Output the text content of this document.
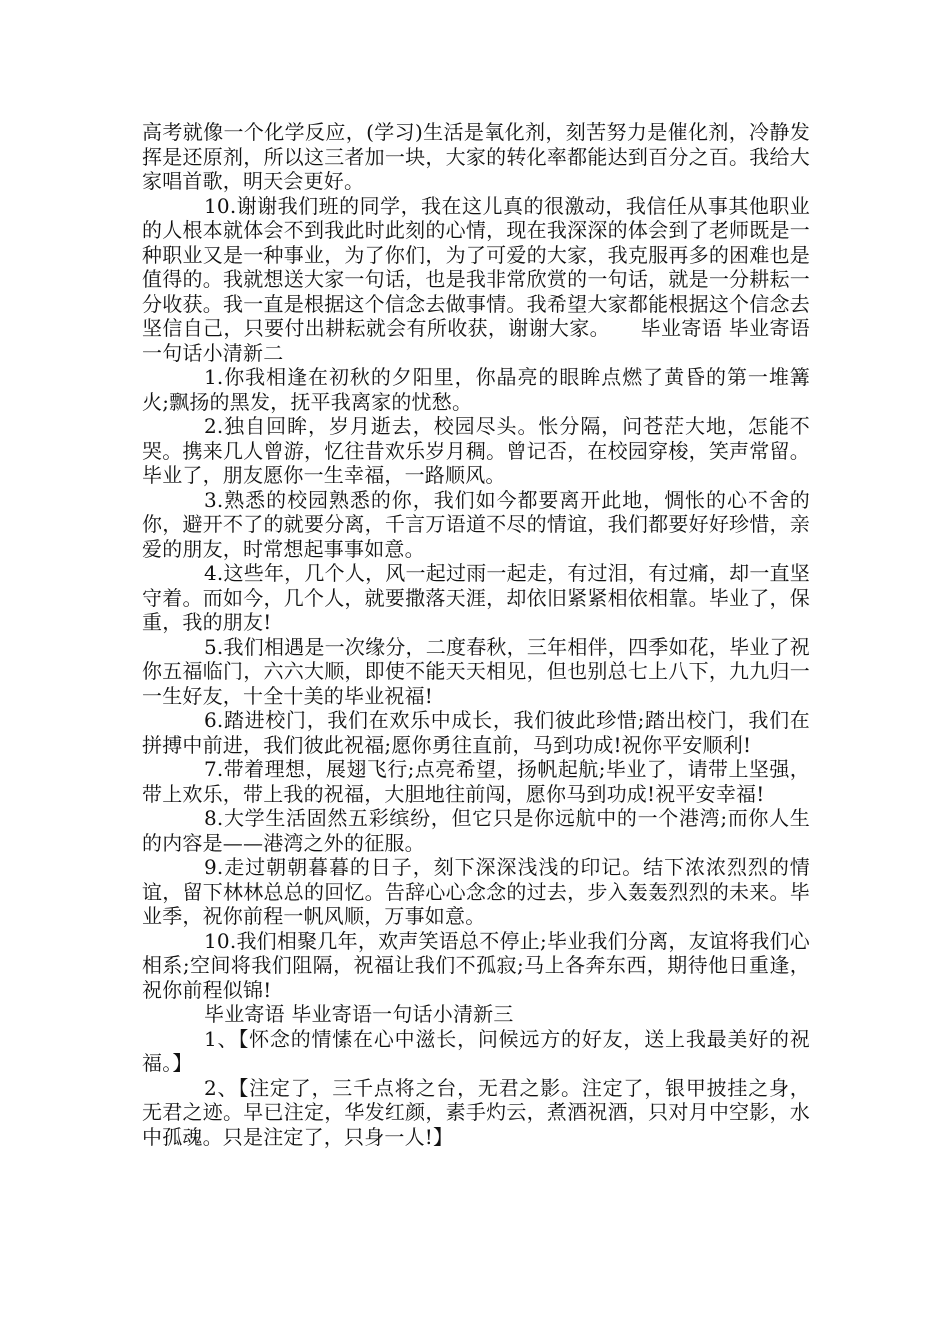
高考就像一个化学反应，(学习)生活是氧化剂，刻苦努力是催化剂，冷静发挥是还原剂，所以这三者加一块，大家的转化率都能达到百分之百。我给大家唱首歌，明天会更好。

10.谢谢我们班的同学，我在这儿真的很激动，我信任从事其他职业的人根本就体会不到我此时此刻的心情，现在我深深的体会到了老师既是一种职业又是一种事业，为了你们，为了可爱的大家，我克服再多的困难也是值得的。我就想送大家一句话，也是我非常欣赏的一句话，就是一分耕耘一分收获。我一直是根据这个信念去做事情。我希望大家都能根据这个信念去坚信自己，只要付出耕耘就会有所收获，谢谢大家。　　毕业寄语 毕业寄语一句话小清新二

1.你我相逢在初秋的夕阳里，你晶亮的眼眸点燃了黄昏的第一堆篝火;飘扬的黑发，抚平我离家的忧愁。

2.独自回眸，岁月逝去，校园尽头。怅分隔，问苍茫大地，怎能不哭。携来几人曾游，忆往昔欢乐岁月稠。曾记否，在校园穿梭，笑声常留。毕业了，朋友愿你一生幸福，一路顺风。

3.熟悉的校园熟悉的你，我们如今都要离开此地，惆怅的心不舍的你，避开不了的就要分离，千言万语道不尽的情谊，我们都要好好珍惜，亲爱的朋友，时常想起事事如意。

4.这些年，几个人，风一起过雨一起走，有过泪，有过痛，却一直坚守着。而如今，几个人，就要撒落天涯，却依旧紧紧相依相靠。毕业了，保重，我的朋友!

5.我们相遇是一次缘分，二度春秋，三年相伴，四季如花，毕业了祝你五福临门，六六大顺，即使不能天天相见，但也别总七上八下，九九归一一生好友，十全十美的毕业祝福!

6.踏进校门，我们在欢乐中成长，我们彼此珍惜;踏出校门，我们在拼搏中前进，我们彼此祝福;愿你勇往直前，马到功成!祝你平安顺利!

7.带着理想，展翅飞行;点亮希望，扬帆起航;毕业了，请带上坚强，带上欢乐，带上我的祝福，大胆地往前闯，愿你马到功成!祝平安幸福!

8.大学生活固然五彩缤纷，但它只是你远航中的一个港湾;而你人生的内容是——港湾之外的征服。

9.走过朝朝暮暮的日子，刻下深深浅浅的印记。结下浓浓烈烈的情谊，留下林林总总的回忆。告辞心心念念的过去，步入轰轰烈烈的未来。毕业季，祝你前程一帆风顺，万事如意。

10.我们相聚几年，欢声笑语总不停止;毕业我们分离，友谊将我们心相系;空间将我们阻隔，祝福让我们不孤寂;马上各奔东西，期待他日重逢，祝你前程似锦!

毕业寄语 毕业寄语一句话小清新三

1、【怀念的情愫在心中滋长，问候远方的好友，送上我最美好的祝福。】

2、【注定了，三千点将之台，无君之影。注定了，银甲披挂之身，无君之迹。早已注定，华发红颜，素手灼云，煮酒祝酒，只对月中空影，水中孤魂。只是注定了，只身一人!】
